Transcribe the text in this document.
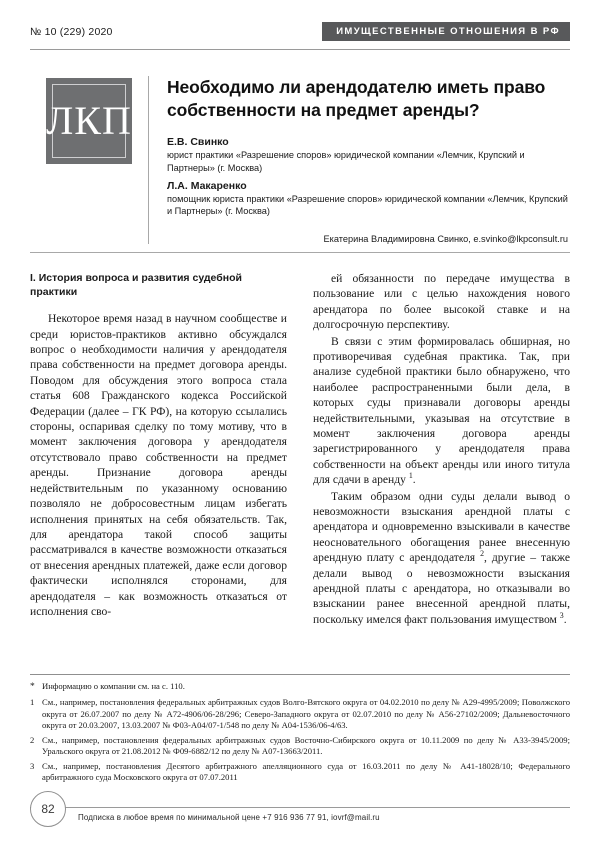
№ 10 (229) 2020	ИМУЩЕСТВЕННЫЕ ОТНОШЕНИЯ В РФ
ЛКП
Необходимо ли арендодателю иметь право собственности на предмет аренды?
Е.В. Свинко
юрист практики «Разрешение споров» юридической компании «Лемчик, Крупский и Партнеры» (г. Москва)
Л.А. Макаренко
помощник юриста практики «Разрешение споров» юридической компании «Лемчик, Крупский и Партнеры» (г. Москва)
Екатерина Владимировна Свинко, e.svinko@lkpconsult.ru
I. История вопроса и развития судебной практики

Некоторое время назад в научном сообществе и среди юристов-практиков активно обсуждался вопрос о необходимости наличия у арендодателя права собственности на предмет договора аренды. Поводом для обсуждения этого вопроса стала статья 608 Гражданского кодекса Российской Федерации (далее – ГК РФ), на которую ссылались стороны, оспаривая сделку по тому мотиву, что в момент заключения договора у арендодателя отсутствовало право собственности на предмет аренды. Признание договора аренды недействительным по указанному основанию позволяло не добросовестным лицам избегать исполнения принятых на себя обязательств. Так, для арендатора такой способ защиты рассматривался в качестве возможности отказаться от внесения арендных платежей, даже если договор фактически исполнялся сторонами, для арендодателя – как возможность отказаться от исполнения сво-

ей обязанности по передаче имущества в пользование или с целью нахождения нового арендатора по более высокой ставке и на долгосрочную перспективу.

В связи с этим формировалась обширная, но противоречивая судебная практика. Так, при анализе судебной практики было обнаружено, что наиболее распространенными были дела, в которых суды признавали договоры аренды недействительными, указывая на отсутствие в момент заключения договора аренды зарегистрированного у арендодателя права собственности на объект аренды или иного титула для сдачи в аренду $^1$.

Таким образом одни суды делали вывод о невозможности взыскания арендной платы с арендатора и одновременно взыскивали в качестве неосновательного обогащения ранее внесенную арендную плату с арендодателя $^2$, другие – также делали вывод о невозможности взыскания арендной платы с арендатора, но отказывали во взыскании ранее внесенной арендной платы, поскольку имелся факт пользования имуществом $^3$.

* Информацию о компании см. на с. 110.
1 См., например, постановления федеральных арбитражных судов Волго-Вятского округа от 04.02.2010 по делу № А29-4995/2009; Поволжского округа от 26.07.2007 по делу № А72-4906/06-28/296; Северо-Западного округа от 02.07.2010 по делу № А56-27102/2009; Дальневосточного округа от 20.03.2007, 13.03.2007 № Ф03-А04/07-1/548 по делу № А04-1536/06-4/63.
2 См., например, постановления федеральных арбитражных судов Восточно-Сибирского округа от 10.11.2009 по делу № А33-3945/2009; Уральского округа от 21.08.2012 № Ф09-6882/12 по делу № А07-13663/2011.
3 См., например, постановления Десятого арбитражного апелляционного суда от 16.03.2011 по делу № А41-18028/10; Федерального арбитражного суда Московского округа от 07.07.2011
82
Подписка в любое время по минимальной цене +7 916 936 77 91, iovrf@mail.ru
